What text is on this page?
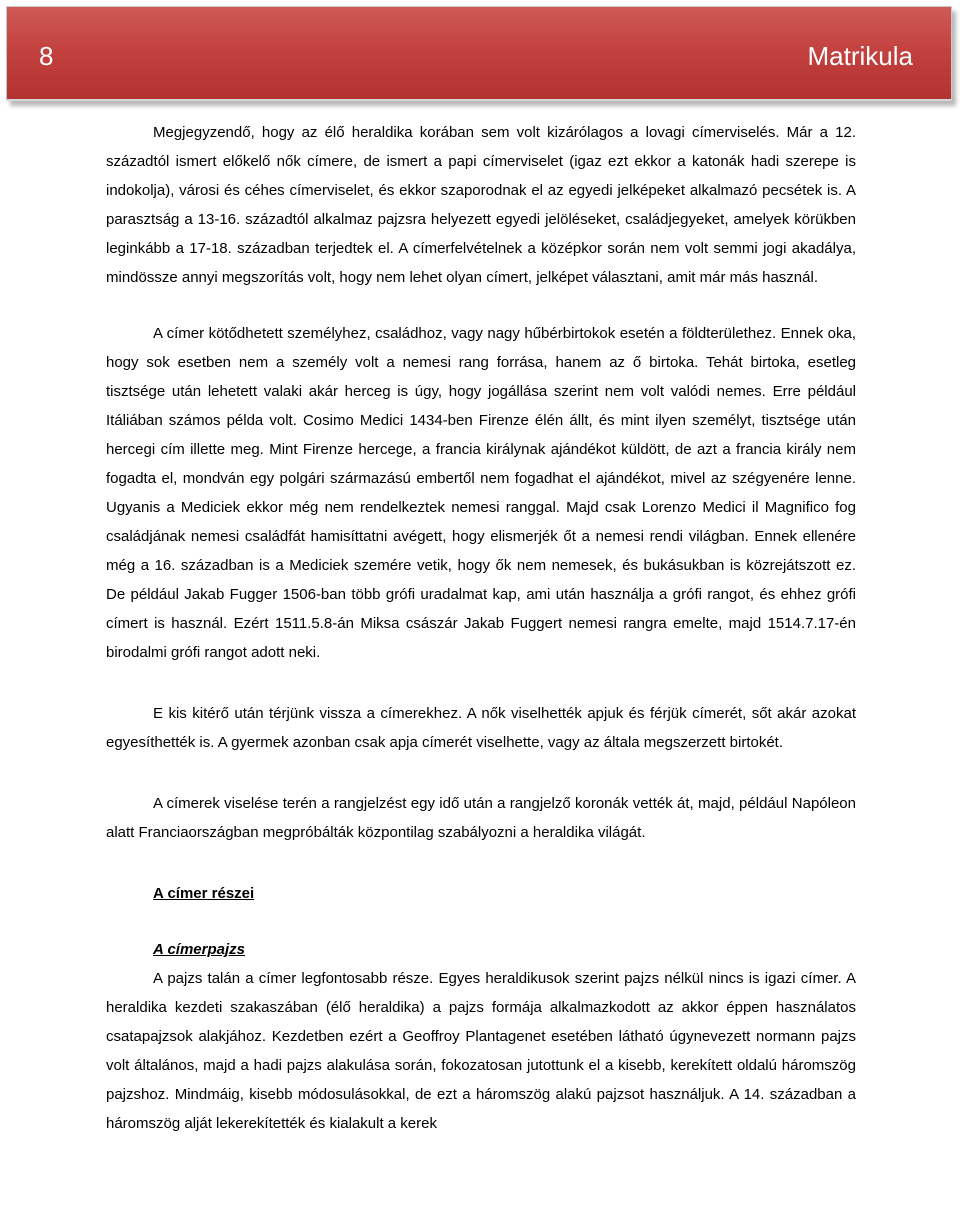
8	Matrikula

Megjegyzendő, hogy az élő heraldika korában sem volt kizárólagos a lovagi címerviselés. Már a 12. századtól ismert előkelő nők címere, de ismert a papi címerviselet (igaz ezt ekkor a katonák hadi szerepe is indokolja), városi és céhes címerviselet, és ekkor szaporodnak el az egyedi jelképeket alkalmazó pecsétek is. A parasztság a 13-16. századtól alkalmaz pajzsra helyezett egyedi jelöléseket, családjegyeket, amelyek körükben leginkább a 17-18. században terjedtek el. A címerfelvételnek a középkor során nem volt semmi jogi akadálya, mindössze annyi megszorítás volt, hogy nem lehet olyan címert, jelképet választani, amit már más használ.

A címer kötődhetett személyhez, családhoz, vagy nagy hűbérbirtokok esetén a földterülethez. Ennek oka, hogy sok esetben nem a személy volt a nemesi rang forrása, hanem az ő birtoka. Tehát birtoka, esetleg tisztsége után lehetett valaki akár herceg is úgy, hogy jogállása szerint nem volt valódi nemes. Erre például Itáliában számos példa volt. Cosimo Medici 1434-ben Firenze élén állt, és mint ilyen személyt, tisztsége után hercegi cím illette meg. Mint Firenze hercege, a francia királynak ajándékot küldött, de azt a francia király nem fogadta el, mondván egy polgári származású embertől nem fogadhat el ajándékot, mivel az szégyenére lenne. Ugyanis a Mediciek ekkor még nem rendelkeztek nemesi ranggal. Majd csak Lorenzo Medici il Magnifico fog családjának nemesi családfát hamisíttatni avégett, hogy elismerjék őt a nemesi rendi világban. Ennek ellenére még a 16. században is a Mediciek szemére vetik, hogy ők nem nemesek, és bukásukban is közrejátszott ez. De például Jakab Fugger 1506-ban több grófi uradalmat kap, ami után használja a grófi rangot, és ehhez grófi címert is használ. Ezért 1511.5.8-án Miksa császár Jakab Fuggert nemesi rangra emelte, majd 1514.7.17-én birodalmi grófi rangot adott neki.

E kis kitérő után térjünk vissza a címerekhez. A nők viselhették apjuk és férjük címerét, sőt akár azokat egyesíthették is. A gyermek azonban csak apja címerét viselhette, vagy az általa megszerzett birtokét.

A címerek viselése terén a rangjelzést egy idő után a rangjelző koronák vették át, majd, például Napóleon alatt Franciaországban megpróbálták központilag szabályozni a heraldika világát.

A címer részei
A címerpajzs

A pajzs talán a címer legfontosabb része. Egyes heraldikusok szerint pajzs nélkül nincs is igazi címer. A heraldika kezdeti szakaszában (élő heraldika) a pajzs formája alkalmazkodott az akkor éppen használatos csatapajzsok alakjához. Kezdetben ezért a Geoffroy Plantagenet esetében látható úgynevezett normann pajzs volt általános, majd a hadi pajzs alakulása során, fokozatosan jutottunk el a kisebb, kerekített oldalú háromszög pajzshoz. Mindmáig, kisebb módosulásokkal, de ezt a háromszög alakú pajzsot használjuk. A 14. században a háromszög alját lekerekítették és kialakult a kerek
